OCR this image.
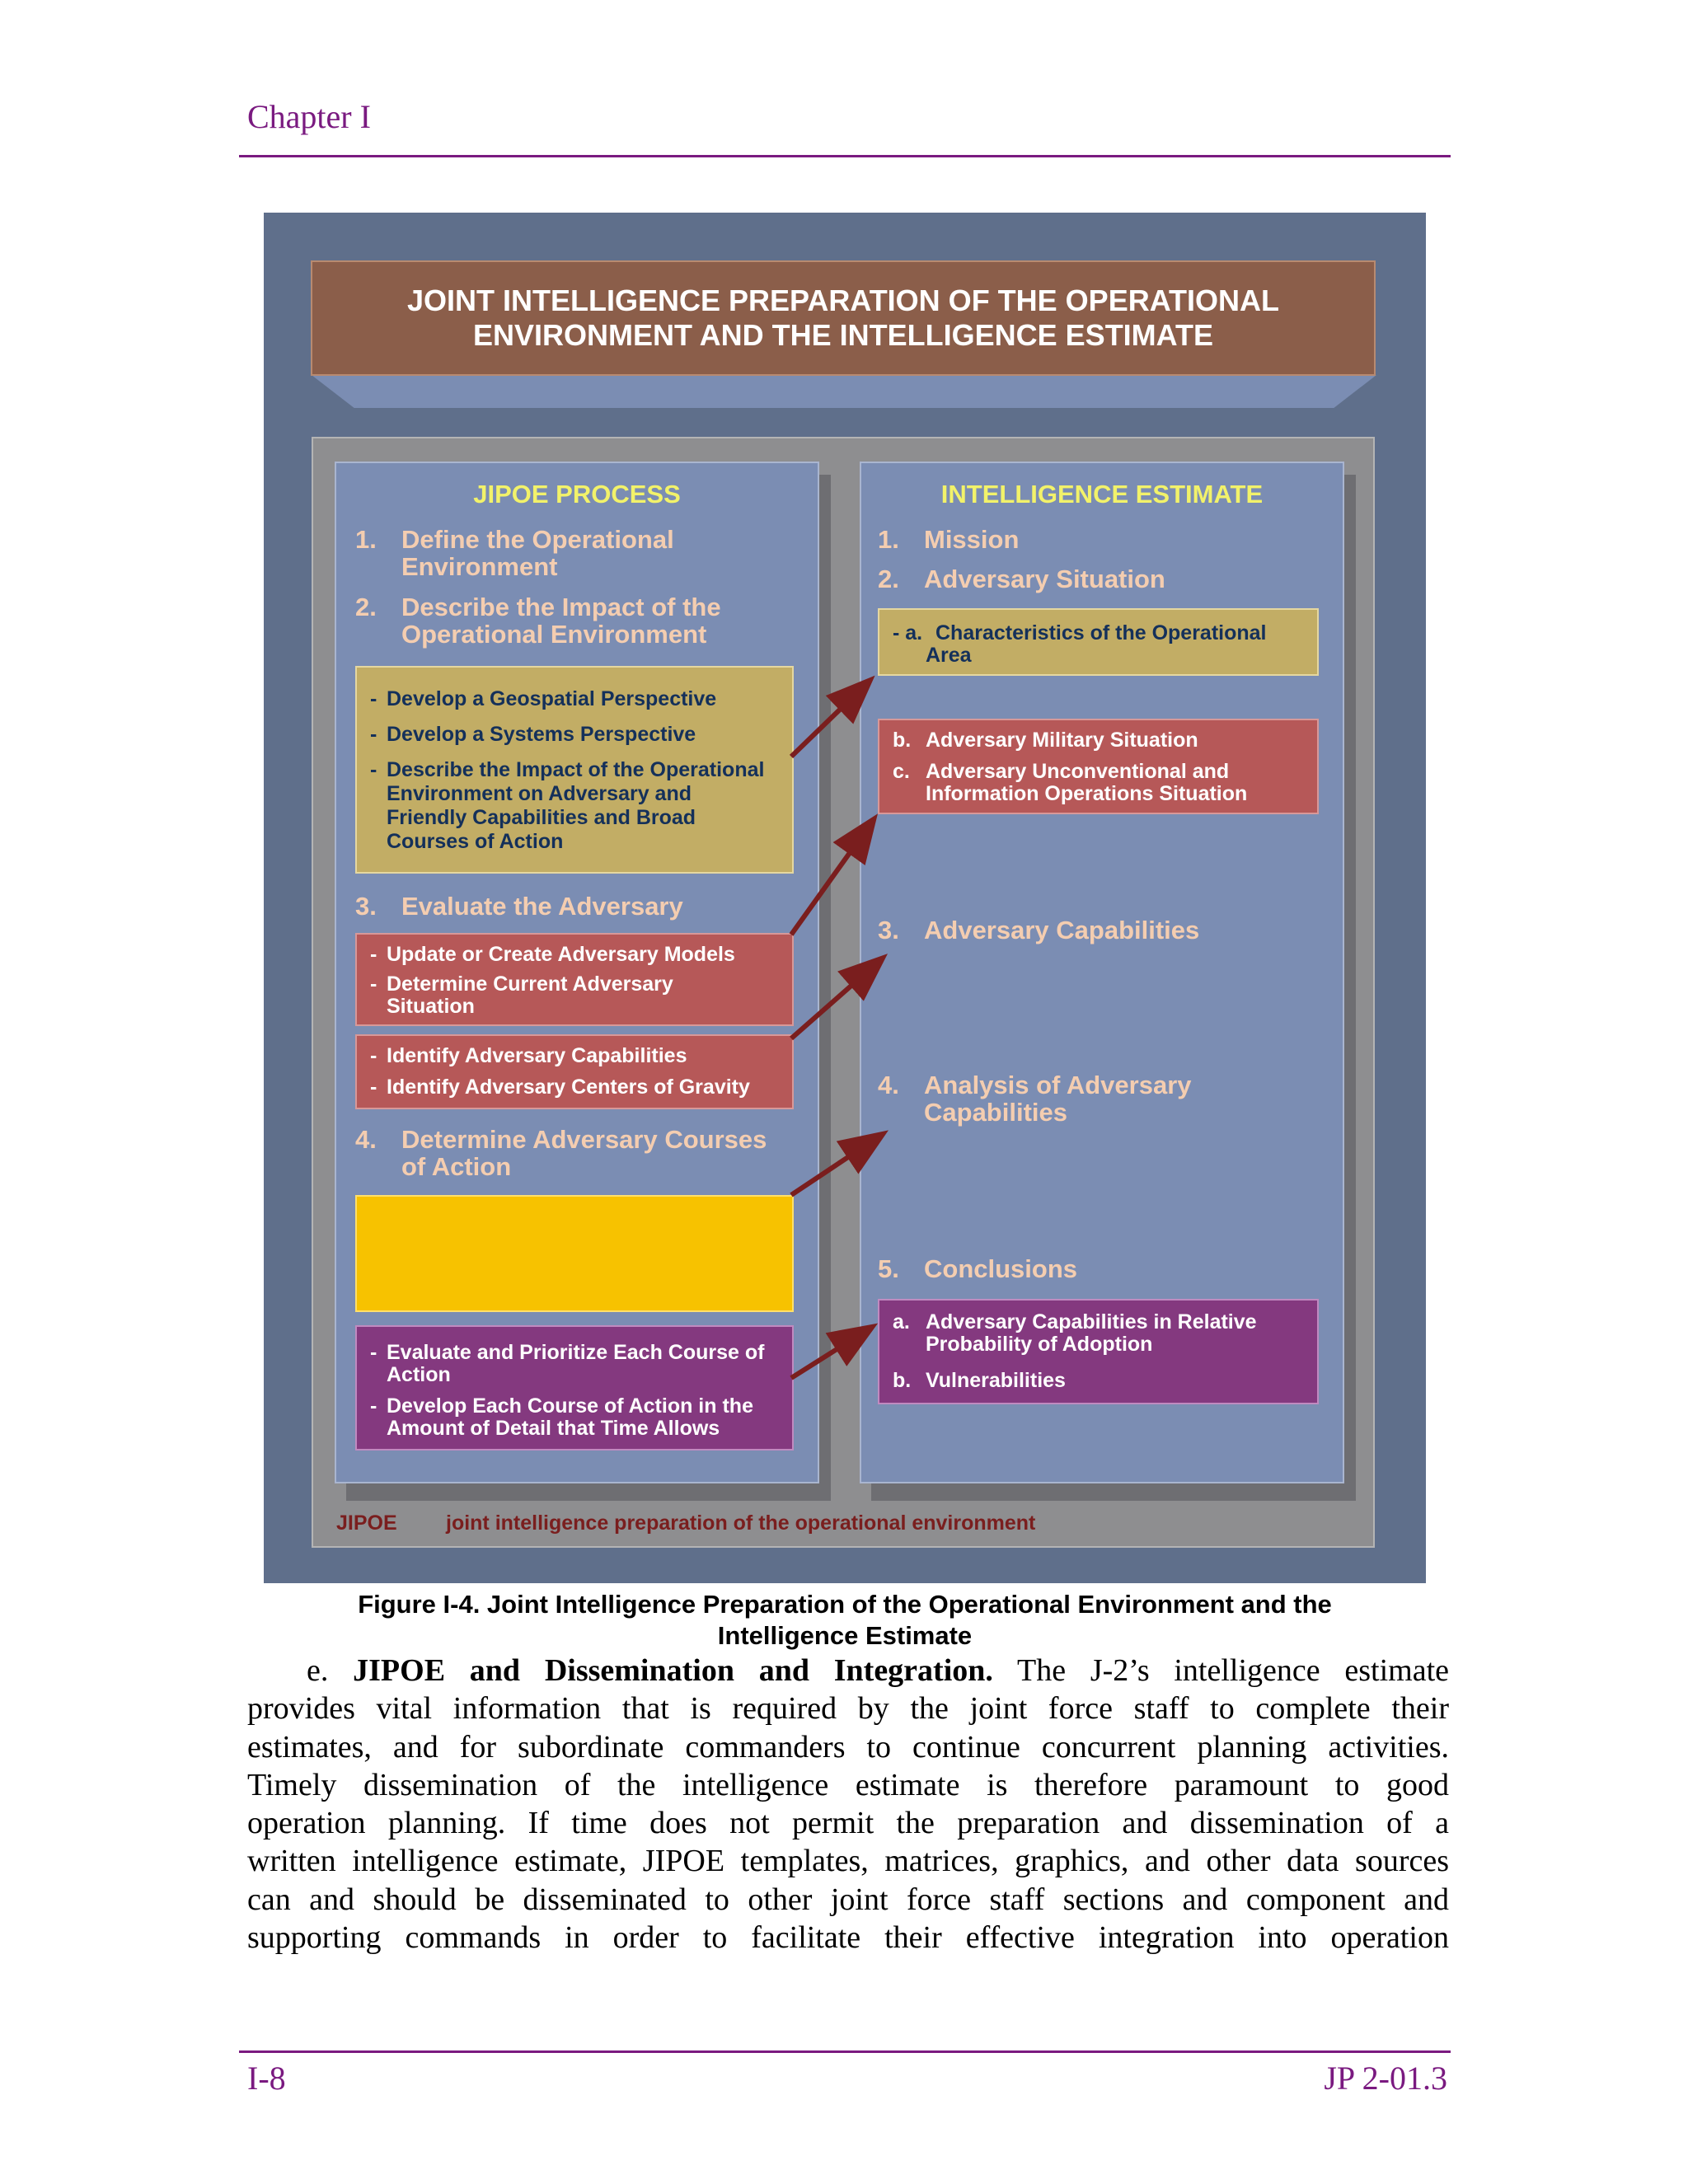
Chapter I
I-8	JP 2-01.3
JOINT INTELLIGENCE PREPARATION OF THE OPERATIONAL
ENVIRONMENT AND THE INTELLIGENCE ESTIMATE
JIPOE PROCESS
1. Define the Operational
Environment
2. Describe the Impact of the
Operational Environment
- Develop a Geospatial Perspective
- Develop a Systems Perspective
- Describe the Impact of the Operational
Environment on Adversary and
Friendly Capabilities and Broad
Courses of Action
3. Evaluate the Adversary
- Update or Create Adversary Models
- Determine Current Adversary
Situation
- Identify Adversary Capabilities
- Identify Adversary Centers of Gravity
4. Determine Adversary Courses
of Action
- Evaluate and Prioritize Each Course of
Action
- Develop Each Course of Action in the
Amount of Detail that Time Allows
INTELLIGENCE ESTIMATE
1. Mission
2. Adversary Situation
- a. Characteristics of the Operational
Area
b. Adversary Military Situation
c. Adversary Unconventional and
Information Operations Situation
3. Adversary Capabilities
4. Analysis of Adversary
Capabilities
5. Conclusions
a. Adversary Capabilities in Relative
Probability of Adoption
b. Vulnerabilities
JIPOE joint intelligence preparation of the operational environment
Figure I-4. Joint Intelligence Preparation of the Operational Environment and the
Intelligence Estimate
e. JIPOE and Dissemination and Integration. The J-2’s intelligence estimate
provides vital information that is required by the joint force staff to complete their
estimates, and for subordinate commanders to continue concurrent planning activities.
Timely dissemination of the intelligence estimate is therefore paramount to good
operation planning. If time does not permit the preparation and dissemination of a
written intelligence estimate, JIPOE templates, matrices, graphics, and other data sources
can and should be disseminated to other joint force staff sections and component and
supporting commands in order to facilitate their effective integration into operation
